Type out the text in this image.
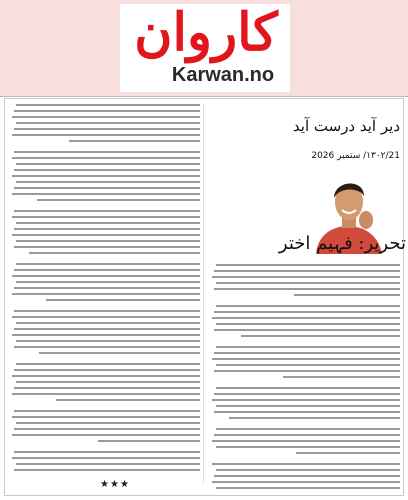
کاروان
Karwan.no
دیر آید درست آید
۱۳۰۲/21/ ستمبر 2026
تحریر: فہیم اختر
★★★
